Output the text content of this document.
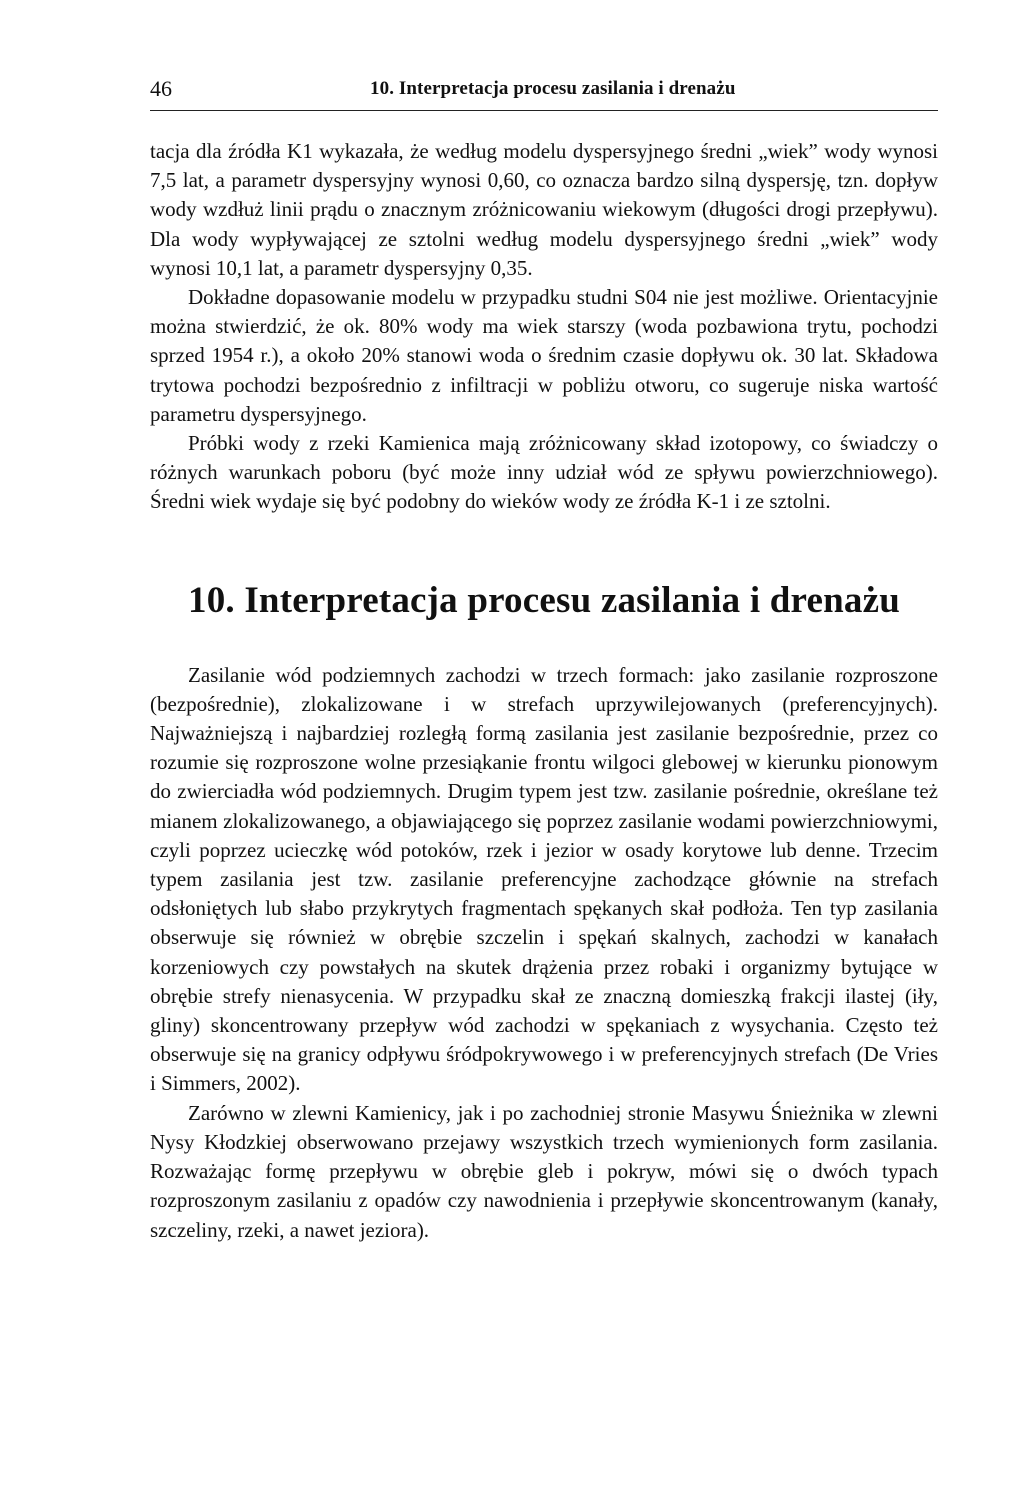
46	10. Interpretacja procesu zasilania i drenażu

tacja dla źródła K1 wykazała, że według modelu dyspersyjnego średni „wiek” wody wynosi 7,5 lat, a parametr dyspersyjny wynosi 0,60, co oznacza bardzo silną dyspersję, tzn. dopływ wody wzdłuż linii prądu o znacznym zróżnicowaniu wiekowym (długości drogi przepływu). Dla wody wypływającej ze sztolni według modelu dyspersyjnego średni „wiek” wody wynosi 10,1 lat, a parametr dyspersyjny 0,35.

Dokładne dopasowanie modelu w przypadku studni S04 nie jest możliwe. Orientacyjnie można stwierdzić, że ok. 80% wody ma wiek starszy (woda pozbawiona trytu, pochodzi sprzed 1954 r.), a około 20% stanowi woda o średnim czasie dopływu ok. 30 lat. Składowa trytowa pochodzi bezpośrednio z infiltracji w pobliżu otworu, co sugeruje niska wartość parametru dyspersyjnego.

Próbki wody z rzeki Kamienica mają zróżnicowany skład izotopowy, co świadczy o różnych warunkach poboru (być może inny udział wód ze spływu powierzchniowego). Średni wiek wydaje się być podobny do wieków wody ze źródła K-1 i ze sztolni.

10. Interpretacja procesu zasilania i drenażu

Zasilanie wód podziemnych zachodzi w trzech formach: jako zasilanie rozproszone (bezpośrednie), zlokalizowane i w strefach uprzywilejowanych (preferencyjnych). Najważniejszą i najbardziej rozległą formą zasilania jest zasilanie bezpośrednie, przez co rozumie się rozproszone wolne przesiąkanie frontu wilgoci glebowej w kierunku pionowym do zwierciadła wód podziemnych. Drugim typem jest tzw. zasilanie pośrednie, określane też mianem zlokalizowanego, a objawiającego się poprzez zasilanie wodami powierzchniowymi, czyli poprzez ucieczkę wód potoków, rzek i jezior w osady korytowe lub denne. Trzecim typem zasilania jest tzw. zasilanie preferencyjne zachodzące głównie na strefach odsłoniętych lub słabo przykrytych fragmentach spękanych skał podłoża. Ten typ zasilania obserwuje się również w obrębie szczelin i spękań skalnych, zachodzi w kanałach korzeniowych czy powstałych na skutek drążenia przez robaki i organizmy bytujące w obrębie strefy nienasycenia. W przypadku skał ze znaczną domieszką frakcji ilastej (iły, gliny) skoncentrowany przepływ wód zachodzi w spękaniach z wysychania. Często też obserwuje się na granicy odpływu śródpokrywowego i w preferencyjnych strefach (De Vries i Simmers, 2002).

Zarówno w zlewni Kamienicy, jak i po zachodniej stronie Masywu Śnieżnika w zlewni Nysy Kłodzkiej obserwowano przejawy wszystkich trzech wymienionych form zasilania. Rozważając formę przepływu w obrębie gleb i pokryw, mówi się o dwóch typach rozproszonym zasilaniu z opadów czy nawodnienia i przepływie skoncentrowanym (kanały, szczeliny, rzeki, a nawet jeziora).
